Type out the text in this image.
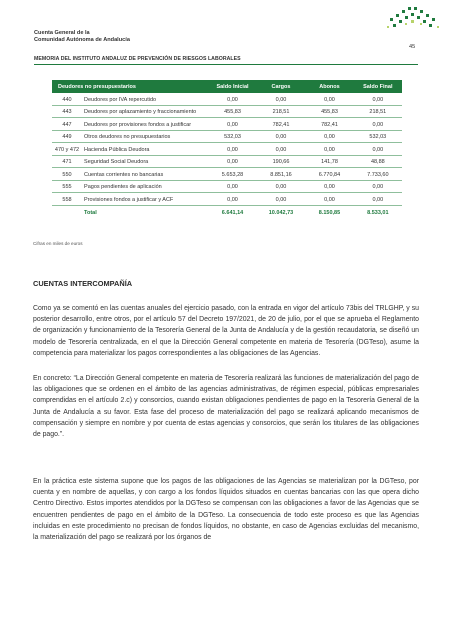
Cuenta General de la
Comunidad Autónoma de Andalucía
45
MEMORIA DEL INSTITUTO ANDALUZ DE PREVENCIÓN DE RIESGOS LABORALES
Deudores no presupuestarios		Saldo Inicial	Cargos	Abonos	Saldo Final
440	Deudores por IVA repercutido	0,00	0,00	0,00	0,00
443	Deudores por aplazamiento y fraccionamiento	455,83	218,51	455,83	218,51
447	Deudores por provisiones fondos a justificar	0,00	782,41	782,41	0,00
449	Otros deudores no presupuestarios	532,03	0,00	0,00	532,03
470 y 472	Hacienda Pública Deudora	0,00	0,00	0,00	0,00
471	Seguridad Social Deudora	0,00	190,66	141,78	48,88
550	Cuentas corrientes no bancarias	5.653,28	8.851,16	6.770,84	7.733,60
555	Pagos pendientes de aplicación	0,00	0,00	0,00	0,00
558	Provisiones fondos a justificar y ACF	0,00	0,00	0,00	0,00
	Total	6.641,14	10.042,73	8.150,85	8.533,01
Cifras en miles de euros
CUENTAS INTERCOMPAÑÍA

Como ya se comentó en las cuentas anuales del ejercicio pasado, con la entrada en vigor del artículo 73bis del TRLGHP, y su posterior desarrollo, entre otros, por el artículo 57 del Decreto 197/2021, de 20 de julio, por el que se aprueba el Reglamento de organización y funcionamiento de la Tesorería General de la Junta de Andalucía y de la gestión recaudatoria, se diseñó un modelo de Tesorería centralizada, en el que la Dirección General competente en materia de Tesorería (DGTeso), asume la competencia para materializar los pagos correspondientes a las obligaciones de las Agencias.

En concreto: “La Dirección General competente en materia de Tesorería realizará las funciones de materialización del pago de las obligaciones que se ordenen en el ámbito de las agencias administrativas, de régimen especial, públicas empresariales comprendidas en el artículo 2.c) y consorcios, cuando existan obligaciones pendientes de pago en la Tesorería General de la Junta de Andalucía a su favor. Esta fase del proceso de materialización del pago se realizará aplicando mecanismos de compensación y siempre en nombre y por cuenta de estas agencias y consorcios, que serán los titulares de las obligaciones de pago.”.

En la práctica este sistema supone que los pagos de las obligaciones de las Agencias se materializan por la DGTeso, por cuenta y en nombre de aquellas, y con cargo a los fondos líquidos situados en cuentas bancarias con las que opera dicho Centro Directivo. Estos importes atendidos por la DGTeso se compensan con las obligaciones a favor de las Agencias que se encuentren pendientes de pago en el ámbito de la DGTeso. La consecuencia de todo este proceso es que las Agencias incluidas en este procedimiento no precisan de fondos líquidos, no obstante, en caso de Agencias excluidas del mecanismo, la materialización del pago se realizará por los órganos de
